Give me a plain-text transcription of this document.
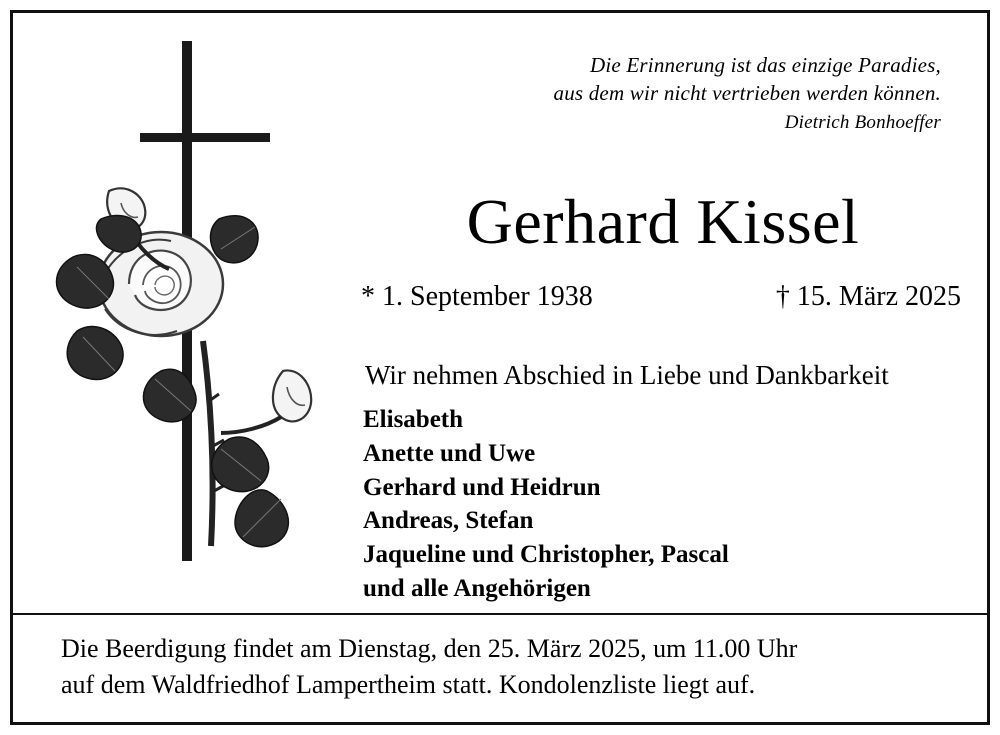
Die Erinnerung ist das einzige Paradies,
aus dem wir nicht vertrieben werden können.
Dietrich Bonhoeffer
Gerhard Kissel
* 1. September 1938	† 15. März 2025
Wir nehmen Abschied in Liebe und Dankbarkeit
Elisabeth
Anette und Uwe
Gerhard und Heidrun
Andreas, Stefan
Jaqueline und Christopher, Pascal
und alle Angehörigen
Die Beerdigung findet am Dienstag, den 25. März 2025, um 11.00 Uhr
auf dem Waldfriedhof Lampertheim statt. Kondolenzliste liegt auf.
